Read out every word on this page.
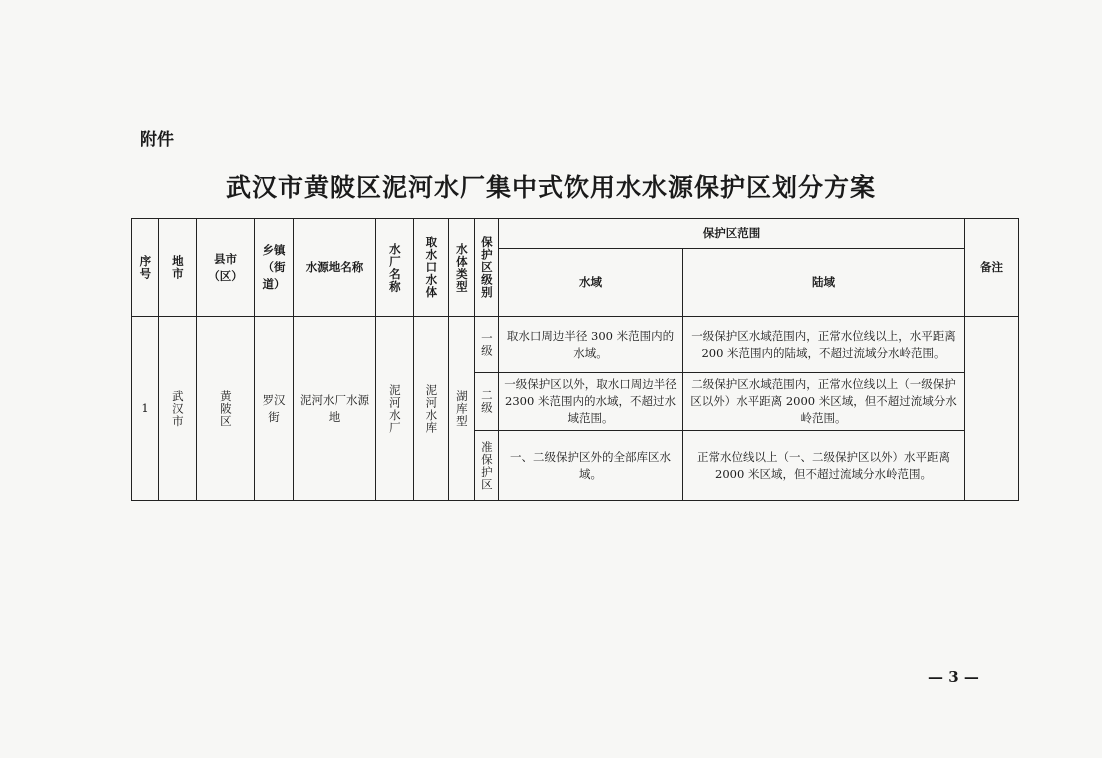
附件
武汉市黄陂区泥河水厂集中式饮用水水源保护区划分方案
序号	地市	县市（区）	乡镇（街道）	水源地名称	水厂名称	取水口水体	水体类型	保护区级别	保护区范围		备注
									水域	陆域	
1	武汉市	黄陂区	罗汉街	泥河水厂水源地	泥河水厂	泥河水库	湖库型	一级	取水口周边半径 300 米范围内的水域。	一级保护区水域范围内，正常水位线以上，水平距离 200 米范围内的陆域，不超过流域分水岭范围。	

								二级	一级保护区以外，取水口周边半径 2300 米范围内的水域，不超过水域范围。	二级保护区水域范围内，正常水位线以上（一级保护区以外）水平距离 2000 米区域，但不超过流域分水岭范围。	

								准保护区	一、二级保护区外的全部库区水域。	正常水位线以上（一、二级保护区以外）水平距离 2000 米区域，但不超过流域分水岭范围。	
— 3 —
